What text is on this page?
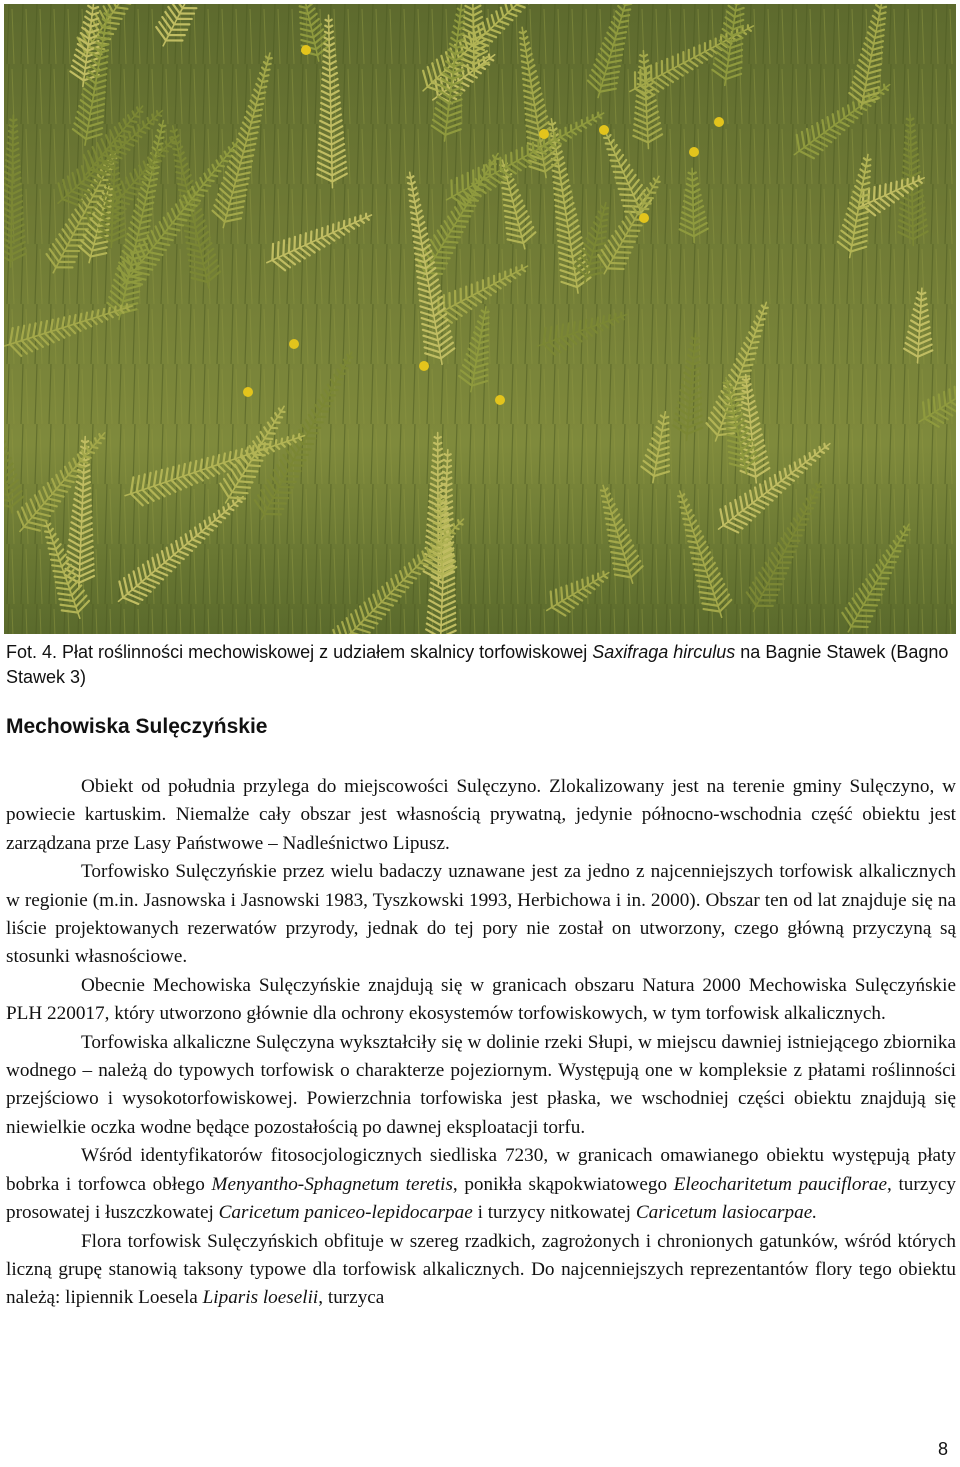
Fot. 4. Płat roślinności mechowiskowej z udziałem skalnicy torfowiskowej Saxifraga hirculus na Bagnie Stawek (Bagno Stawek 3)
Mechowiska Sulęczyńskie

Obiekt od południa przylega do miejscowości Sulęczyno. Zlokalizowany jest na terenie gminy Sulęczyno, w powiecie kartuskim. Niemalże cały obszar jest własnością prywatną, jedynie północno-wschodnia część obiektu jest zarządzana prze Lasy Państwowe – Nadleśnictwo Lipusz.

Torfowisko Sulęczyńskie przez wielu badaczy uznawane jest za jedno z najcenniejszych torfowisk alkalicznych w regionie (m.in. Jasnowska i Jasnowski 1983, Tyszkowski 1993, Herbichowa i in. 2000). Obszar ten od lat znajduje się na liście projektowanych rezerwatów przyrody, jednak do tej pory nie został on utworzony, czego główną przyczyną są stosunki własnościowe.

Obecnie Mechowiska Sulęczyńskie znajdują się w granicach obszaru Natura 2000 Mechowiska Sulęczyńskie PLH 220017, który utworzono głównie dla ochrony ekosystemów torfowiskowych, w tym torfowisk alkalicznych.

Torfowiska alkaliczne Sulęczyna wykształciły się w dolinie rzeki Słupi, w miejscu dawniej istniejącego zbiornika wodnego – należą do typowych torfowisk o charakterze pojeziornym. Występują one w kompleksie z płatami roślinności przejściowo i wysokotorfowiskowej. Powierzchnia torfowiska jest płaska, we wschodniej części obiektu znajdują się niewielkie oczka wodne będące pozostałością po dawnej eksploatacji torfu.

Wśród identyfikatorów fitosocjologicznych siedliska 7230, w granicach omawianego obiektu występują płaty bobrka i torfowca obłego Menyantho-Sphagnetum teretis, ponikła skąpokwiatowego Eleocharitetum pauciflorae, turzycy prosowatej i łuszczkowatej Caricetum paniceo-lepidocarpae i turzycy nitkowatej Caricetum lasiocarpae.

Flora torfowisk Sulęczyńskich obfituje w szereg rzadkich, zagrożonych i chronionych gatunków, wśród których liczną grupę stanowią taksony typowe dla torfowisk alkalicznych. Do najcenniejszych reprezentantów flory tego obiektu należą: lipiennik Loesela Liparis loeselii, turzyca

8
